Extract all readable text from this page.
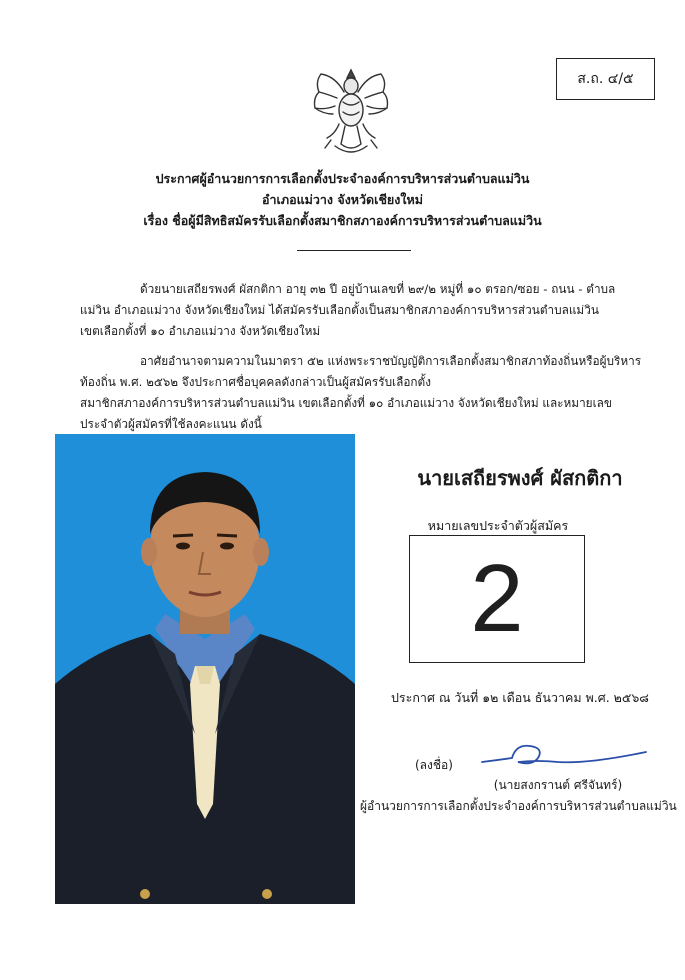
ส.ถ. ๔/๕
ประกาศผู้อำนวยการการเลือกตั้งประจำองค์การบริหารส่วนตำบลแม่วิน
อำเภอแม่วาง จังหวัดเชียงใหม่
เรื่อง ชื่อผู้มีสิทธิสมัครรับเลือกตั้งสมาชิกสภาองค์การบริหารส่วนตำบลแม่วิน
ด้วยนายเสถียรพงศ์ ผัสกติกา อายุ ๓๒ ปี อยู่บ้านเลขที่ ๒๙/๒ หมู่ที่ ๑๐ ตรอก/ซอย - ถนน - ตำบล
แม่วิน อำเภอแม่วาง จังหวัดเชียงใหม่ ได้สมัครรับเลือกตั้งเป็นสมาชิกสภาองค์การบริหารส่วนตำบลแม่วิน
เขตเลือกตั้งที่ ๑๐ อำเภอแม่วาง จังหวัดเชียงใหม่
อาศัยอำนาจตามความในมาตรา ๕๒ แห่งพระราชบัญญัติการเลือกตั้งสมาชิกสภาท้องถิ่นหรือผู้บริหาร
ท้องถิ่น พ.ศ. ๒๕๖๒ จึงประกาศชื่อบุคคลดังกล่าวเป็นผู้สมัครรับเลือกตั้ง
สมาชิกสภาองค์การบริหารส่วนตำบลแม่วิน เขตเลือกตั้งที่ ๑๐ อำเภอแม่วาง จังหวัดเชียงใหม่ และหมายเลข
ประจำตัวผู้สมัครที่ใช้ลงคะแนน ดังนี้
นายเสถียรพงศ์ ผัสกติกา
หมายเลขประจำตัวผู้สมัคร
2
ประกาศ ณ วันที่ ๑๒ เดือน ธันวาคม พ.ศ. ๒๕๖๘
(ลงชื่อ)
(นายสงกรานต์ ศรีจันทร์)
ผู้อำนวยการการเลือกตั้งประจำองค์การบริหารส่วนตำบลแม่วิน
